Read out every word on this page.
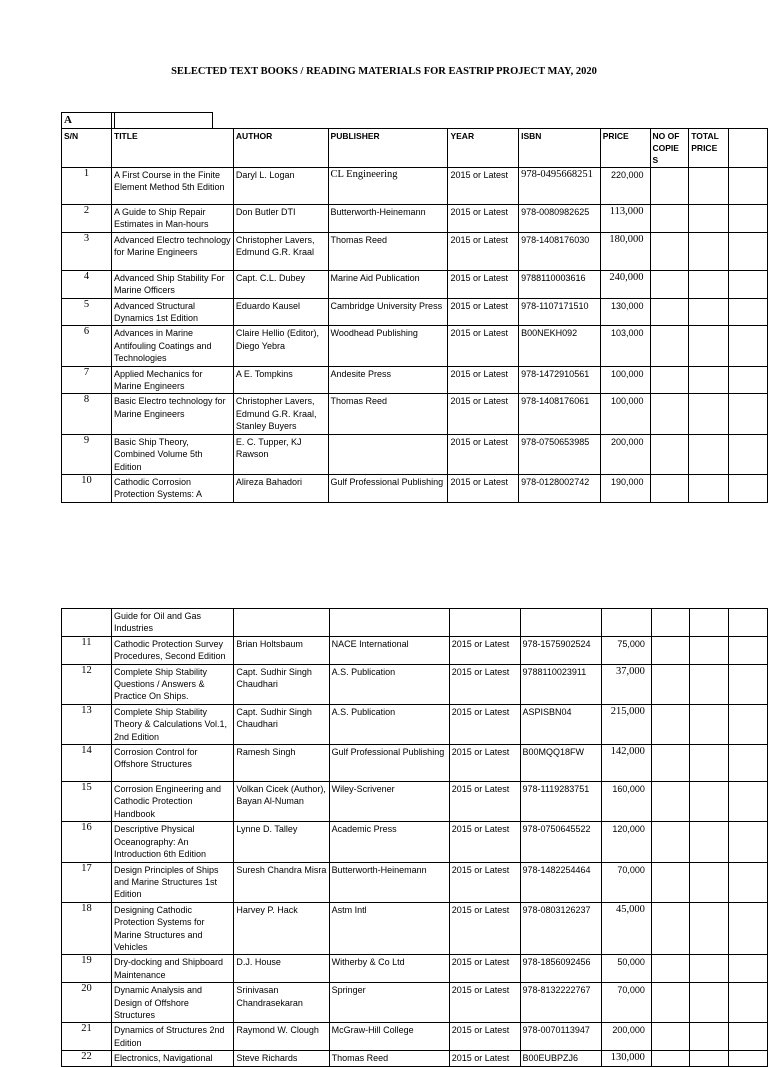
SELECTED TEXT BOOKS / READING MATERIALS FOR EASTRIP PROJECT MAY, 2020
A
S/N	TITLE	AUTHOR	PUBLISHER	YEAR	ISBN	PRICE	NO OF COPIE S	TOTAL PRICE	
1	A First Course in the Finite Element Method 5th Edition	Daryl L. Logan	CL Engineering	2015 or Latest	978-0495668251	220,000			
2	A Guide to Ship Repair Estimates in Man-hours	Don Butler DTI	Butterworth-Heinemann	2015 or Latest	978-0080982625	113,000			
3	Advanced Electro technology for Marine Engineers	Christopher Lavers, Edmund G.R. Kraal	Thomas Reed	2015 or Latest	978-1408176030	180,000			
4	Advanced Ship Stability For Marine Officers	Capt. C.L. Dubey	Marine Aid Publication	2015 or Latest	9788110003616	240,000			
5	Advanced Structural Dynamics 1st Edition	Eduardo Kausel	Cambridge University Press	2015 or Latest	978-1107171510	130,000			
6	Advances in Marine Antifouling Coatings and Technologies	Claire Hellio (Editor), Diego Yebra	Woodhead Publishing	2015 or Latest	B00NEKH092	103,000			
7	Applied Mechanics for Marine Engineers	A E. Tompkins	Andesite Press	2015 or Latest	978-1472910561	100,000			
8	Basic Electro technology for Marine Engineers	Christopher Lavers, Edmund G.R. Kraal, Stanley Buyers	Thomas Reed	2015 or Latest	978-1408176061	100,000			
9	Basic Ship Theory, Combined Volume 5th Edition	E. C. Tupper, KJ Rawson		2015 or Latest	978-0750653985	200,000			
10	Cathodic Corrosion Protection Systems: A	Alireza Bahadori	Gulf Professional Publishing	2015 or Latest	978-0128002742	190,000			
	Guide for Oil and Gas Industries								
11	Cathodic Protection Survey Procedures, Second Edition	Brian Holtsbaum	NACE International	2015 or Latest	978-1575902524	75,000			
12	Complete Ship Stability Questions / Answers & Practice On Ships.	Capt. Sudhir Singh Chaudhari	A.S. Publication	2015 or Latest	9788110023911	37,000			
13	Complete Ship Stability Theory & Calculations Vol.1, 2nd Edition	Capt. Sudhir Singh Chaudhari	A.S. Publication	2015 or Latest	ASPISBN04	215,000			
14	Corrosion Control for Offshore Structures	Ramesh Singh	Gulf Professional Publishing	2015 or Latest	B00MQQ18FW	142,000			
15	Corrosion Engineering and Cathodic Protection Handbook	Volkan Cicek (Author), Bayan Al-Numan	Wiley-Scrivener	2015 or Latest	978-1119283751	160,000			
16	Descriptive Physical Oceanography: An Introduction 6th Edition	Lynne D. Talley	Academic Press	2015 or Latest	978-0750645522	120,000			
17	Design Principles of Ships and Marine Structures 1st Edition	Suresh Chandra Misra	Butterworth-Heinemann	2015 or Latest	978-1482254464	70,000			
18	Designing Cathodic Protection Systems for Marine Structures and Vehicles	Harvey P. Hack	Astm Intl	2015 or Latest	978-0803126237	45,000			
19	Dry-docking and Shipboard Maintenance	D.J. House	Witherby & Co Ltd	2015 or Latest	978-1856092456	50,000			
20	Dynamic Analysis and Design of Offshore Structures	Srinivasan Chandrasekaran	Springer	2015 or Latest	978-8132222767	70,000			
21	Dynamics of Structures 2nd Edition	Raymond W. Clough	McGraw-Hill College	2015 or Latest	978-0070113947	200,000			
22	Electronics, Navigational	Steve Richards	Thomas Reed	2015 or Latest	B00EUBPZJ6	130,000			
